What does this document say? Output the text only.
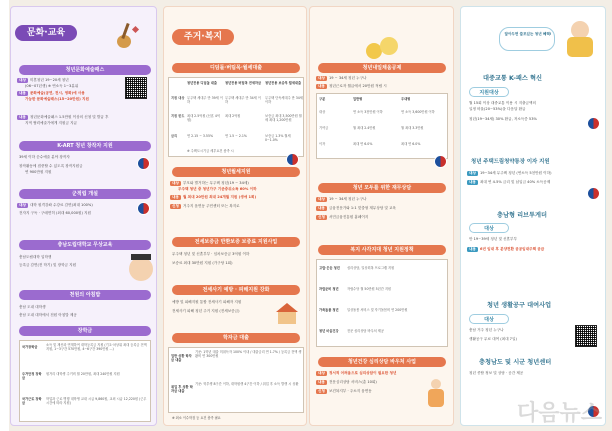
문화·교육
청년문화예술패스
대상 미혼청년 19~20세 청년
(06~07년생) ※ 연소득 1~3분위
내용 문화예술(공연, 전시, 영화)에 사용
가능한 문화예술패스(15~20만원) 지원
내용 청년문화예술패스 1.5만원 이상의 신청 및 발급 후
지역 협력예술가에게 지원금 지급
K-ART 청년 창작자 지원
39세 이하 순수예술 분야 창작자
창작활동에 집중할 수 있도록 창작지원금
연 900만원 지원
군적립 개설
대상 대학 원격강좌 수강료 감면(최대 100%)
전자지 구독 · 구매면허 (최대 60,000원) 지원
충남도립대학교 무상교육
충남도립대학 입학생
등록금 감면(전 학기) 및 장학금 지원
천원의 아침밥
충남 도내 대학생
충남 도내 대학에서 천원 아침밥 제공
장학금
국가장학금	소득 및 재산과 연계하여 대학등록금 지원 (기초·차상위 최대 등록금 전액 지원, 1~3구간 570만원, 4~6구간 390만원 ...)
주거안정 장학금
원거리 대학생 주거비 월 20만원, 최대 240만원 지원
국가근로 장학금
학업과 근로 병행 대학생 교내 시급 9,860원, 교외 시급 12,220원 (근무 시간에 따라 지원)
주거·복지
디딤돌·버팀목·월세대출
청년전용 디딤돌 대출	청년전용 버팀목 전세자금	청년전용 보증부 월세대출
지원 대상 무주택 세대주 만 39세 이하
무주택 세대주 만 34세 이하
무주택 단독세대주 만 34세 이하
지원 한도 최대 2.5억원 (신혼 4억원)
최대 2억원	보증금 최대 3,500만원 월세 최대 1,200만원
금리	연 2.15 ~ 3.55%	연 1.5 ~ 2.1%	보증금 1.3% 월세 0~1.0%
※ 주택도시기금 세부요건 충족 시
청년월세지원
대상 부모와 별거하는 무주택 청년(19 ~ 34세)
무주택 청년 중 청년가구 기준중위소득 60% 이하
내용 월 최대 20만원 최대 24개월 지원 (생애 1회)
신청 거주지 읍면동 주민센터 또는 복지로
전세보증금 반환보증 보증료 지원사업
무주택 청년 및 신혼부부 · 임차보증금 3억원 이하
보증료 최대 30만원 지원 (가구당 1회)
전세사기 예방 · 피해지원 강화
예방 및 피해지원 통합 전세사기 피해자 지원
전세사기 피해 청년 주거 지원 (전세보증금)
학자금 대출
일반 상환 학자금 대출
기준: 1학년 대출 미취득자 100% 이내 / 대출금리 연 1.7% / 등록금 전액 생활비 연 300만원
취업 후 상환 학자금 대출
기준: 학부생 8구간 이하, 대학원생 4구간 이하 / 취업 후 소득 발생 시 상환
※ 최소 이수학점 등 요건 충족 필요
청년내일채움공제
대상 19 ~ 34세 청년 누구나
내용 청년근로자 월급에서 20만원 적립 시
구분	일반형	우대형
대상	연 소득 3천만원 이하	연 소득 3,600만원 이하
기여금	월 최대 2.4만원	월 최대 3.3만원
이자	최대 연 6.0%	최대 연 6.0%
청년 모두를 위한 재무상담
대상 19 ~ 34세 청년 누구나
내용 금융전문가와 1:1 맞춤형 재무상담 및 교육
신청 서민금융진흥원 홈페이지
복지 사각지대 청년 지원정책
고립·은둔 청년	심리상담, 일상회복 프로그램 지원
자립준비 청년	자립수당 월 50만원 5년간 지원
가족돌봄 청년	일상돌봄 서비스 및 자기돌봄비 연 200만원
청년 마음건강	전문 심리상담 바우처 제공
청년건강 심리상담 바우처 사업
대상 정서적 어려움으로 심리상담이 필요한 청년
내용 전문심리상담 서비스(총 10회)
신청 보건복지부 · 주소지 읍면동
알아두면 쓸모있는 청년 혜택!
대중교통 K-패스 혁신
지원대상
월 15회 이상 대중교통 이용 시 지출금액의
일정 비율(20~53%)을 다음달 환급
청년(19~34세) 30% 환급, 저소득층 53%
청년 주택드림청약통장 이자 지원
대상 19~34세 무주택 청년 (연소득 5천만원 이하)
내용 최대 연 4.5% 금리 및 납입금 40% 소득공제
충남형 리브투게더
대상
만 19~39세 청년 및 신혼부부
내용 6년 임대 후 분양전환 공공임대주택 공급
청년 생활공구 대여사업
대상
충남 거주 청년 누구나
생활공구 무료 대여 (최대 7일)
충청남도 및 시군 청년센터
청년 종합 정보 및 상담 · 공간 제공
다음뉴스
